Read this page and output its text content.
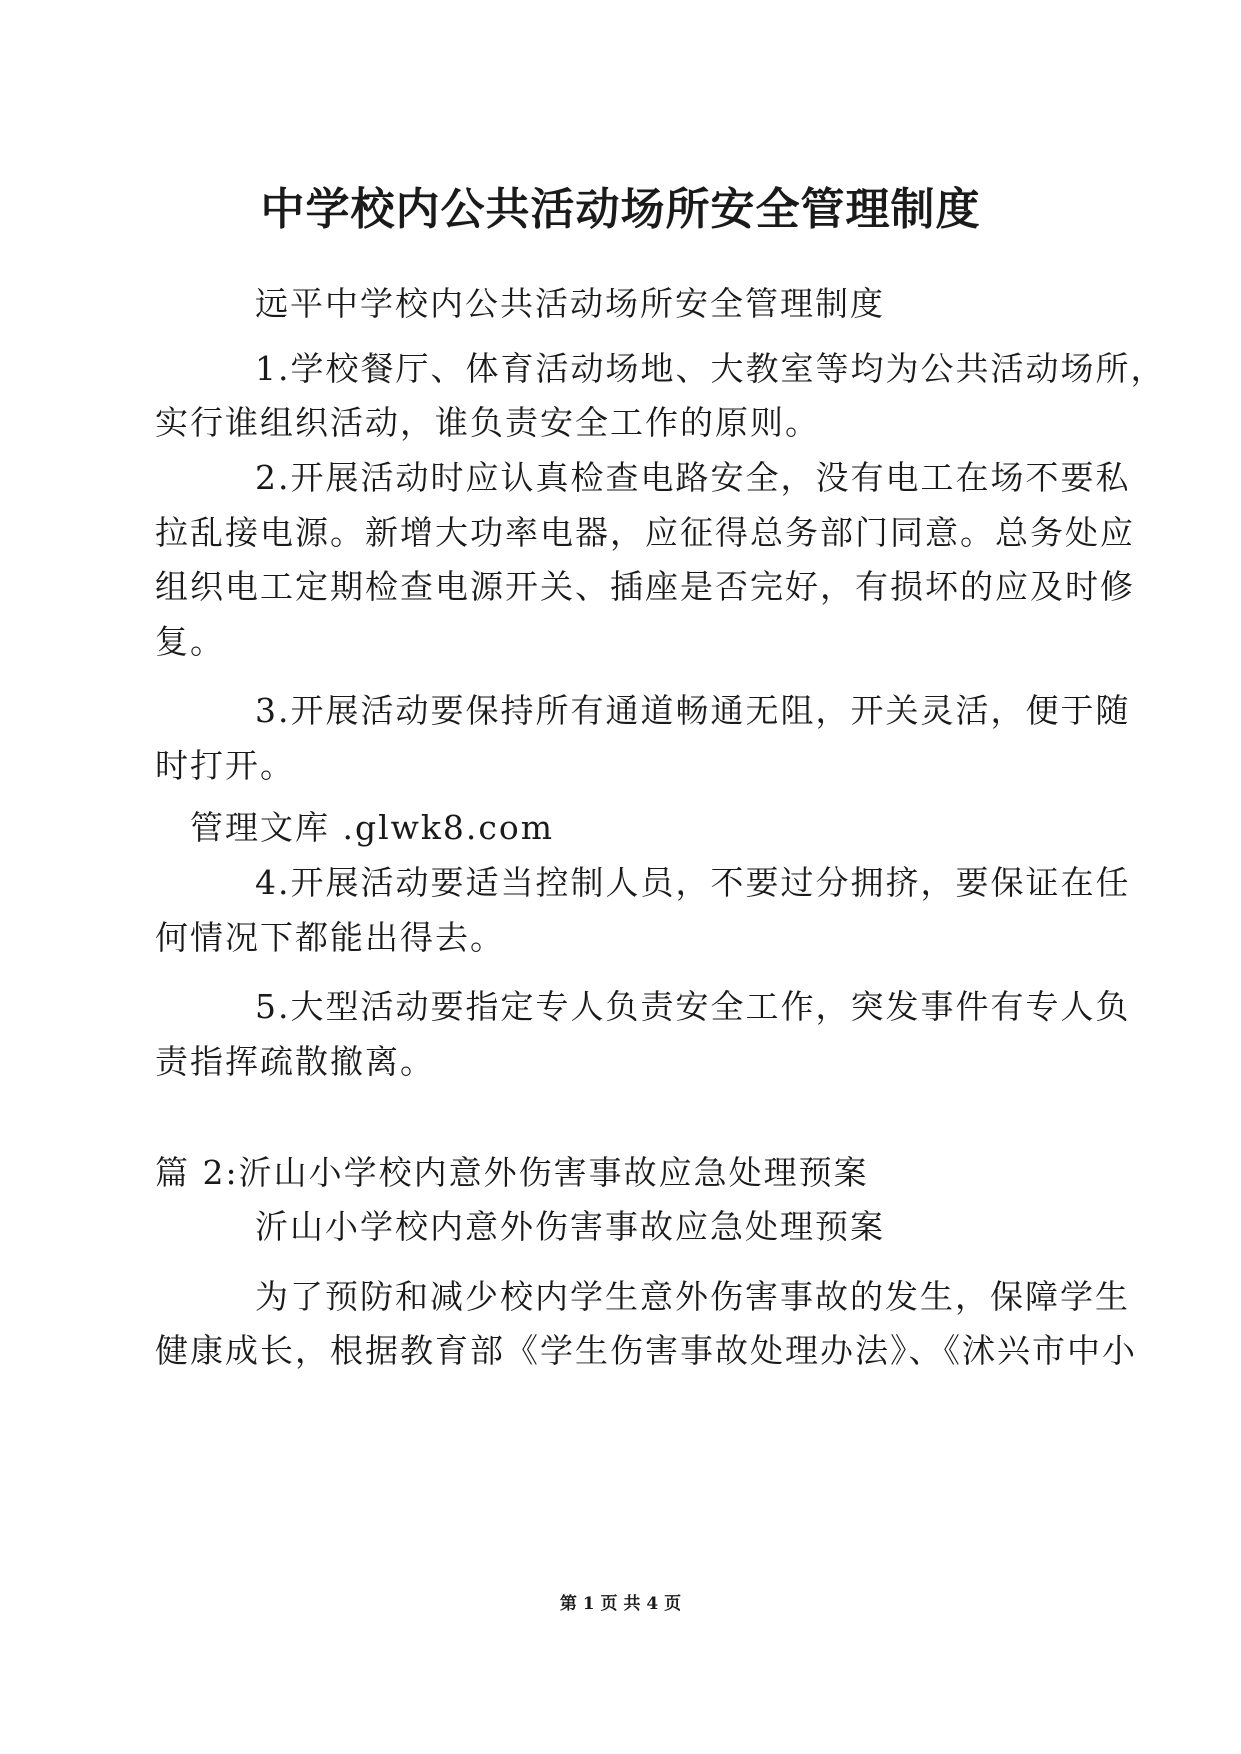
中学校内公共活动场所安全管理制度
远平中学校内公共活动场所安全管理制度
1.学校餐厅、体育活动场地、大教室等均为公共活动场所，
实行谁组织活动，谁负责安全工作的原则。
2.开展活动时应认真检查电路安全，没有电工在场不要私
拉乱接电源。新增大功率电器，应征得总务部门同意。总务处应
组织电工定期检查电源开关、插座是否完好，有损坏的应及时修
复。
3.开展活动要保持所有通道畅通无阻，开关灵活，便于随
时打开。
管理文库 .glwk8.com
4.开展活动要适当控制人员，不要过分拥挤，要保证在任
何情况下都能出得去。
5.大型活动要指定专人负责安全工作，突发事件有专人负
责指挥疏散撤离。
篇 2:沂山小学校内意外伤害事故应急处理预案
沂山小学校内意外伤害事故应急处理预案
为了预防和减少校内学生意外伤害事故的发生，保障学生
健康成长，根据教育部《学生伤害事故处理办法》、《沭兴市中小
第 1 页 共 4 页
